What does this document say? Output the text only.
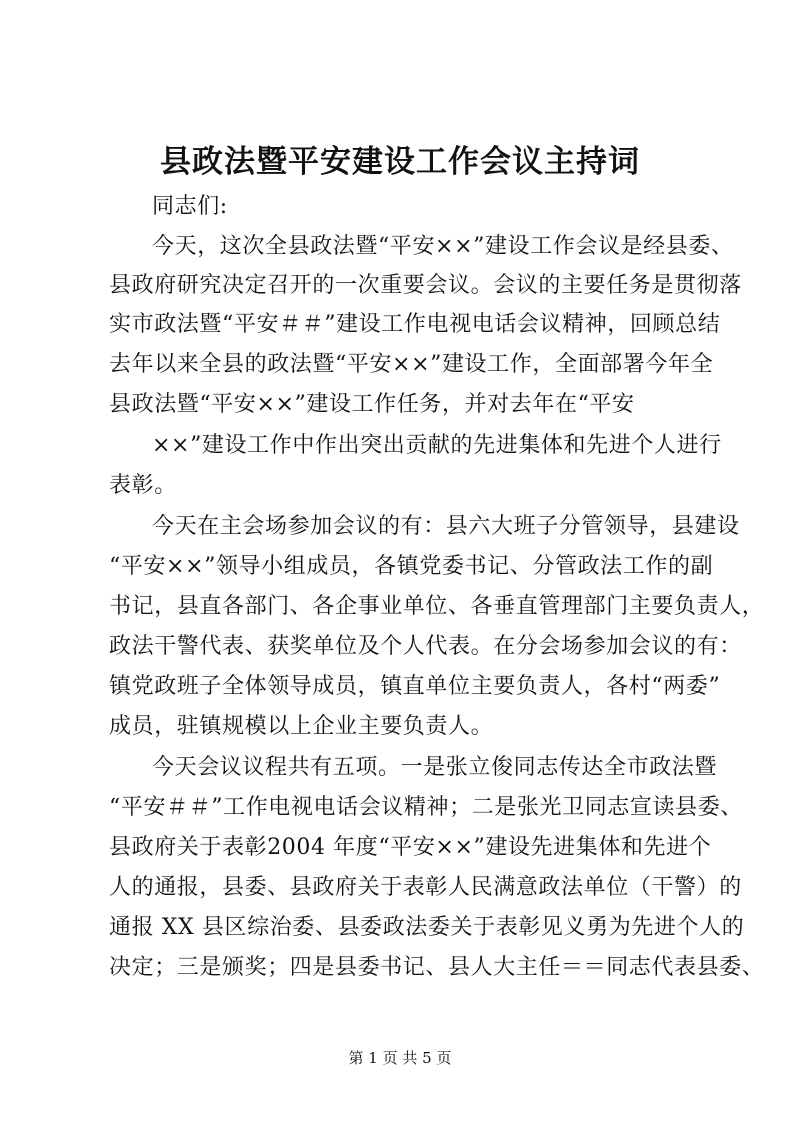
县政法暨平安建设工作会议主持词
同志们:
今天，这次全县政法暨“平安××”建设工作会议是经县委、
县政府研究决定召开的一次重要会议。会议的主要任务是贯彻落
实市政法暨“平安＃＃”建设工作电视电话会议精神，回顾总结
去年以来全县的政法暨“平安××”建设工作，全面部署今年全
县政法暨“平安××”建设工作任务，并对去年在“平安
××”建设工作中作出突出贡献的先进集体和先进个人进行
表彰。
今天在主会场参加会议的有：县六大班子分管领导，县建设
“平安××”领导小组成员，各镇党委书记、分管政法工作的副
书记，县直各部门、各企事业单位、各垂直管理部门主要负责人，
政法干警代表、获奖单位及个人代表。在分会场参加会议的有：
镇党政班子全体领导成员，镇直单位主要负责人，各村“两委”
成员，驻镇规模以上企业主要负责人。
今天会议议程共有五项。一是张立俊同志传达全市政法暨
“平安＃＃”工作电视电话会议精神；二是张光卫同志宣读县委、
县政府关于表彰2004 年度“平安××”建设先进集体和先进个
人的通报，县委、县政府关于表彰人民满意政法单位（干警）的
通报 XX 县区综治委、县委政法委关于表彰见义勇为先进个人的
决定；三是颁奖；四是县委书记、县人大主任＝＝同志代表县委、
第 1 页 共 5 页
